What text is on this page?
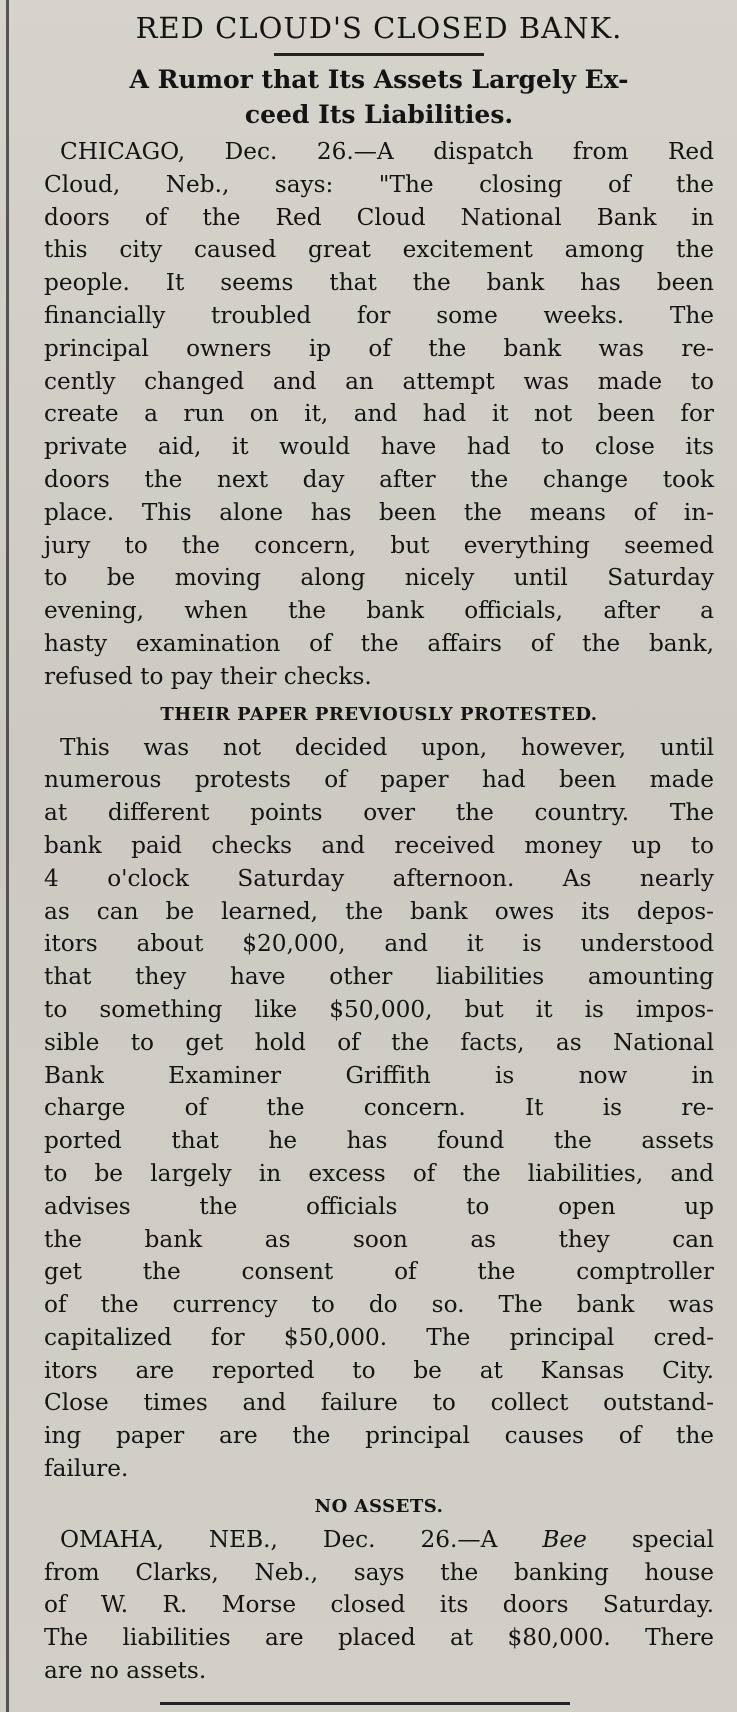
RED CLOUD'S CLOSED BANK.
A Rumor that Its Assets Largely Ex-
ceed Its Liabilities.
CHICAGO, Dec. 26.—A dispatch from Red
Cloud, Neb., says: "The closing of the
doors of the Red Cloud National Bank in
this city caused great excitement among the
people. It seems that the bank has been
financially troubled for some weeks. The
principal owners ip of the bank was re-
cently changed and an attempt was made to
create a run on it, and had it not been for
private aid, it would have had to close its
doors the next day after the change took
place. This alone has been the means of in-
jury to the concern, but everything seemed
to be moving along nicely until Saturday
evening, when the bank officials, after a
hasty examination of the affairs of the bank,
refused to pay their checks.
THEIR PAPER PREVIOUSLY PROTESTED.
This was not decided upon, however, until
numerous protests of paper had been made
at different points over the country. The
bank paid checks and received money up to
4 o'clock Saturday afternoon. As nearly
as can be learned, the bank owes its depos-
itors about $20,000, and it is understood
that they have other liabilities amounting
to something like $50,000, but it is impos-
sible to get hold of the facts, as National
Bank Examiner Griffith is now in
charge of the concern. It is re-
ported that he has found the assets
to be largely in excess of the liabilities, and
advises the officials to open up
the bank as soon as they can
get the consent of the comptroller
of the currency to do so. The bank was
capitalized for $50,000. The principal cred-
itors are reported to be at Kansas City.
Close times and failure to collect outstand-
ing paper are the principal causes of the
failure.
NO ASSETS.
OMAHA, NEB., Dec. 26.—A Bee special
from Clarks, Neb., says the banking house
of W. R. Morse closed its doors Saturday.
The liabilities are placed at $80,000. There
are no assets.
